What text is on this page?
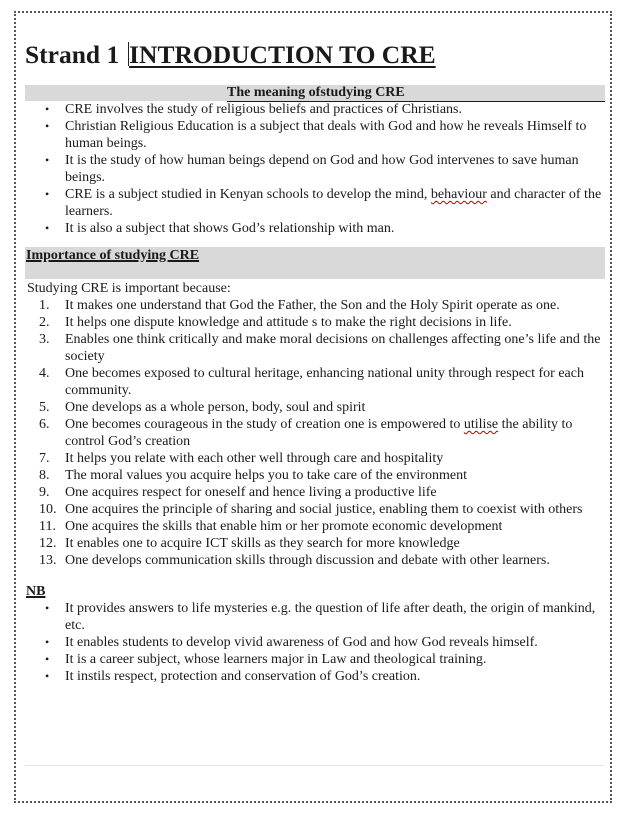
Strand 1 INTRODUCTION TO CRE
The meaning ofstudying CRE
• CRE involves the study of religious beliefs and practices of Christians.
• Christian Religious Education is a subject that deals with God and how he reveals Himself to human beings.
• It is the study of how human beings depend on God and how God intervenes to save human beings.
• CRE is a subject studied in Kenyan schools to develop the mind, behaviour and character of the learners.
• It is also a subject that shows God’s relationship with man.
Importance of studying CRE

Studying CRE is important because:

1.	It makes one understand that God the Father, the Son and the Holy Spirit operate as one.
2.	It helps one dispute knowledge and attitude s to make the right decisions in life.
3.	Enables one think critically and make moral decisions on challenges affecting one’s life and the society
4.	One becomes exposed to cultural heritage, enhancing national unity through respect for each community.
5.	One develops as a whole person, body, soul and spirit
6.	One becomes courageous in the study of creation one is empowered to utilise the ability to control God’s creation
7.	It helps you relate with each other well through care and hospitality
8.	The moral values you acquire helps you to take care of the environment
9.	One acquires respect for oneself and hence living a productive life
10. One acquires the principle of sharing and social justice, enabling them to coexist with others
11. One acquires the skills that enable him or her promote economic development
12. It enables one to acquire ICT skills as they search for more knowledge
13. One develops communication skills through discussion and debate with other learners.
NB
• It provides answers to life mysteries e.g. the question of life after death, the origin of mankind, etc.
• It enables students to develop vivid awareness of God and how God reveals himself.
• It is a career subject, whose learners major in Law and theological training.
• It instils respect, protection and conservation of God’s creation.
